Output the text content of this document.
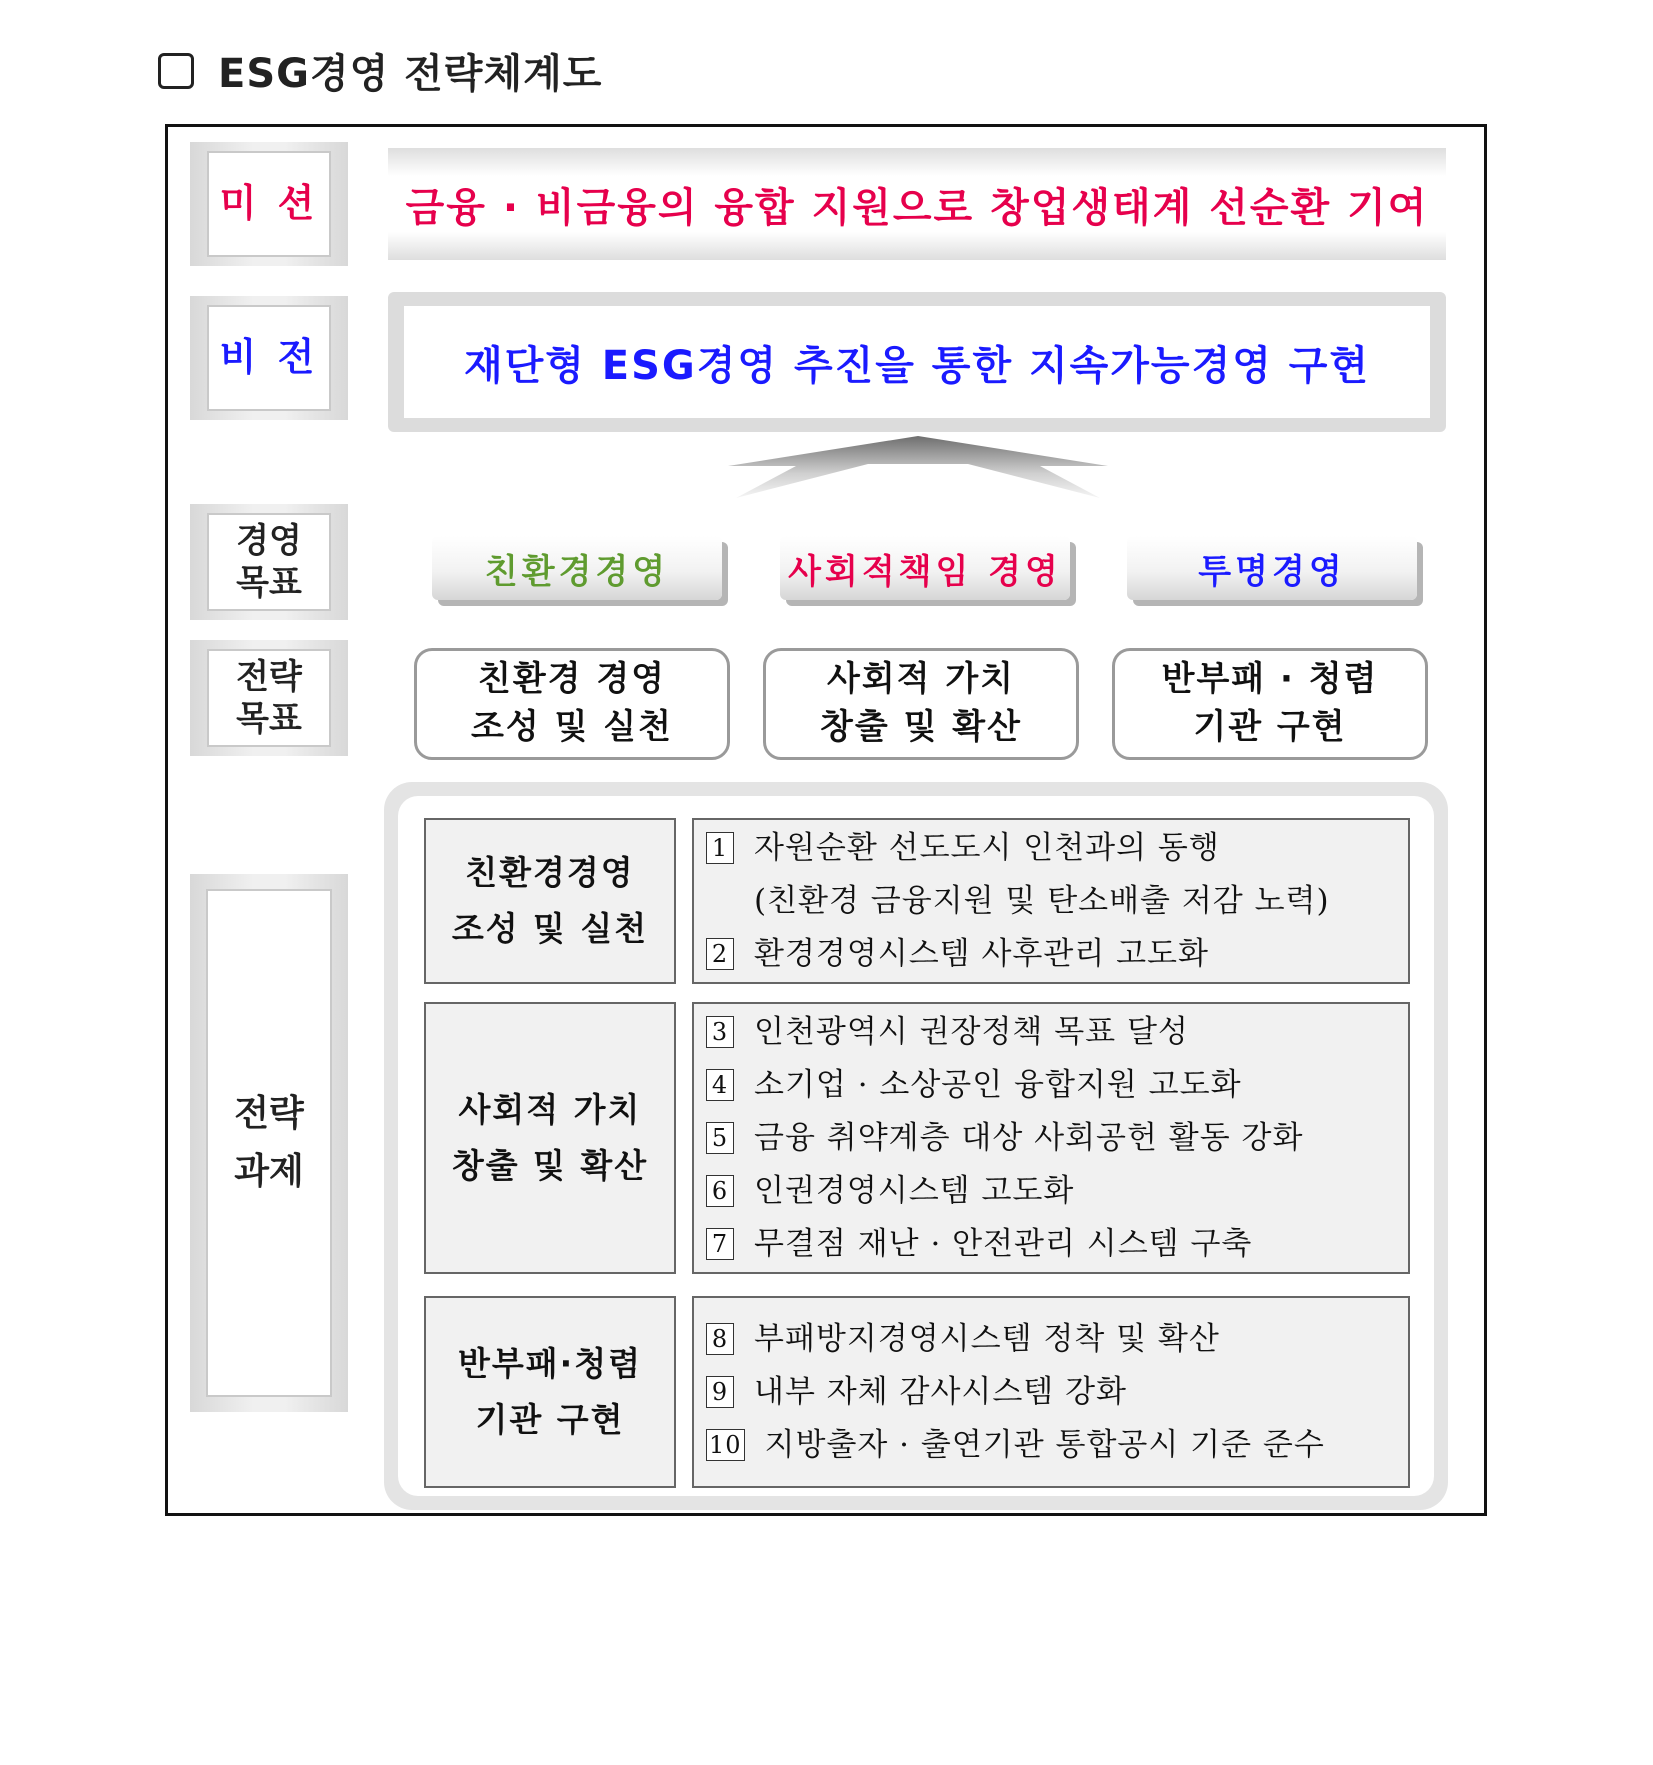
ESG경영 전략체계도
미 션
비 전
경영
목표
전략
목표
전략
과제
금융 · 비금융의 융합 지원으로 창업생태계 선순환 기여
재단형 ESG경영 추진을 통한 지속가능경영 구현
친환경경영	사회적책임 경영	투명경영
친환경 경영
조성 및 실천
사회적 가치
창출 및 확산
반부패 · 청렴
기관 구현
친환경경영
조성 및 실천
1 자원순환 선도도시 인천과의 동행
(친환경 금융지원 및 탄소배출 저감 노력)
2 환경경영시스템 사후관리 고도화
사회적 가치
창출 및 확산
3 인천광역시 권장정책 목표 달성
4 소기업 · 소상공인 융합지원 고도화
5 금융 취약계층 대상 사회공헌 활동 강화
6 인권경영시스템 고도화
7 무결점 재난 · 안전관리 시스템 구축
반부패·청렴
기관 구현
8 부패방지경영시스템 정착 및 확산
9 내부 자체 감사시스템 강화
10 지방출자 · 출연기관 통합공시 기준 준수
